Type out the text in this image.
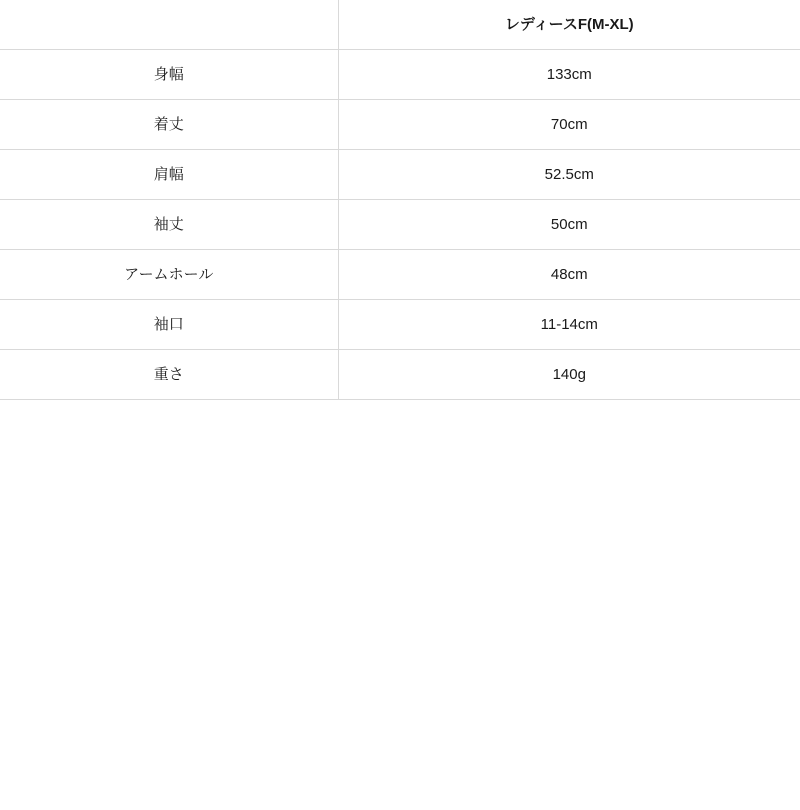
	レディースF(M-XL)
身幅	133cm
着丈	70cm
肩幅	52.5cm
袖丈	50cm
アームホール	48cm
袖口	11-14cm
重さ	140g
